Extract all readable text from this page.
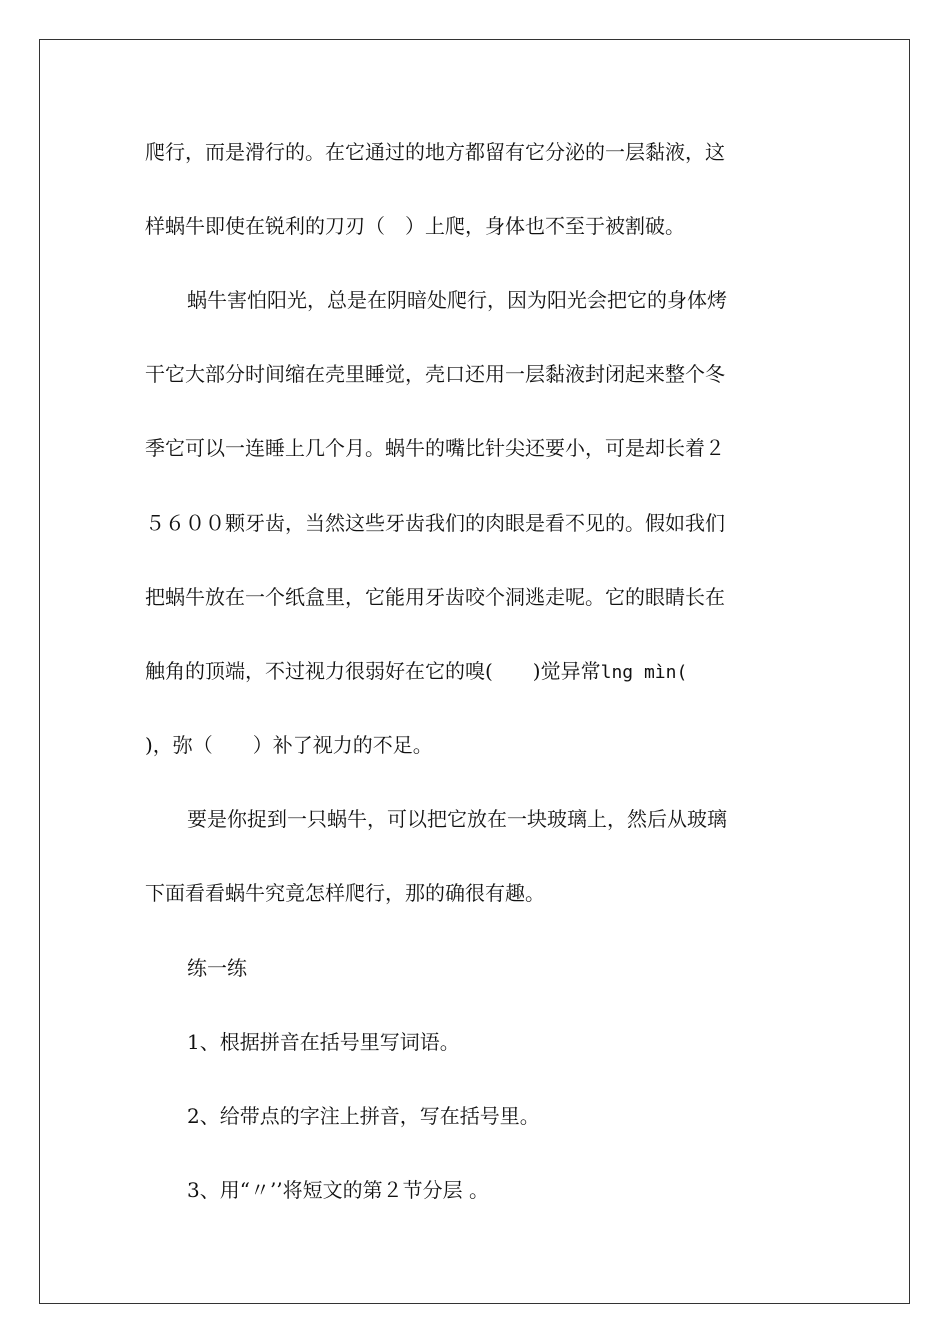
爬行，而是滑行的。在它通过的地方都留有它分泌的一层黏液，这
样蜗牛即使在锐利的刀刃（　）上爬，身体也不至于被割破。
蜗牛害怕阳光，总是在阴暗处爬行，因为阳光会把它的身体烤
干它大部分时间缩在壳里睡觉，壳口还用一层黏液封闭起来整个冬
季它可以一连睡上几个月。蜗牛的嘴比针尖还要小，可是却长着２
５６００颗牙齿，当然这些牙齿我们的肉眼是看不见的。假如我们
把蜗牛放在一个纸盒里，它能用牙齿咬个洞逃走呢。它的眼睛长在
触角的顶端，不过视力很弱好在它的嗅(　　)觉异常lng mìn(
)，弥（　　）补了视力的不足。
要是你捉到一只蜗牛，可以把它放在一块玻璃上，然后从玻璃
下面看看蜗牛究竟怎样爬行，那的确很有趣。
练一练
1、根据拼音在括号里写词语。
2、给带点的字注上拼音，写在括号里。
3、用“〃’’将短文的第２节分层 。
